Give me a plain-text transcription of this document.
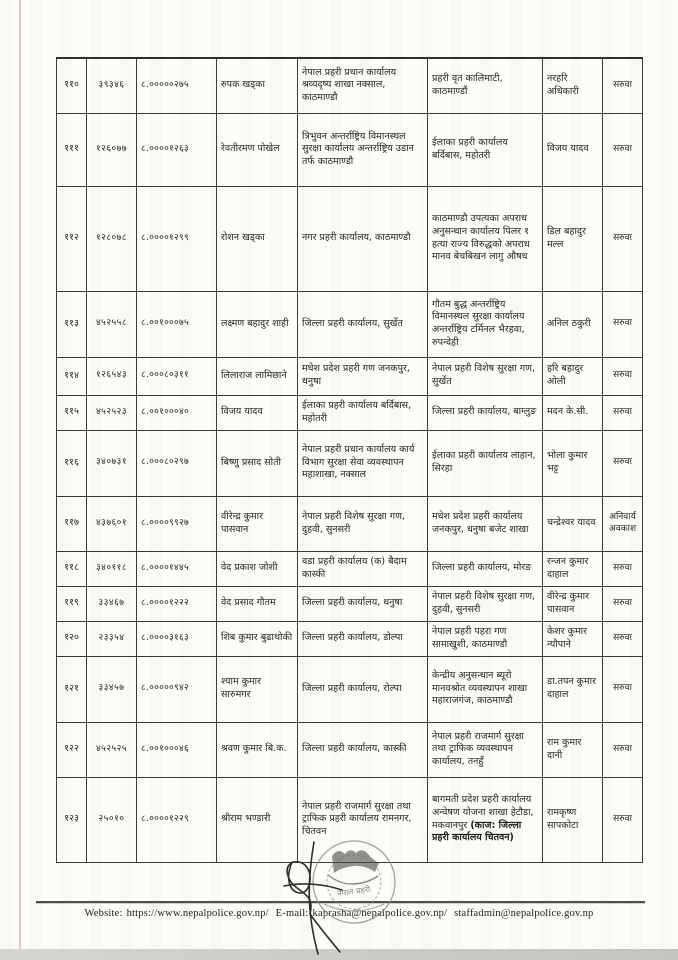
११०	३९३४६	८.०००००२७५	रुपक खड्का	नेपाल प्रहरी प्रधान कार्यालय श्रव्यदृष्य शाखा नक्साल, काठमाण्डौ	प्रहरी वृत कालिमाटी, काठमाण्डौं	नरहरि अधिकारी	सरुवा
१११	१२६०७७	८.००००१२६३	रेवतीरमण पोखेल	त्रिभुवन अन्तर्राष्ट्रिय विमानस्थल सुरक्षा कार्यालय अन्तर्राष्ट्रिय उडान तर्फ काठमाण्डौ	ईलाका प्रहरी कार्यालय बर्दिबास, महोतरी	विजय यादव	सरुवा
११२	१२८०७८	८.००००१२९९	रोशन खड्का	नगर प्रहरी कार्यालय, काठमाण्डौ	काठमाण्डौ उपत्यका अपराध अनुसन्धान कार्यालय पिलर १ हत्या राज्य विरुद्धको अपराध मानव बेचबिखन लागु औषध	डिल बहादुर मल्ल	सरुवा
११३	४५२५५८	८.००१०००७५	लक्ष्मण बहादुर शाही	जिल्ला प्रहरी कार्यालय, सुर्खेत	गौतम बुद्ध अन्तर्राष्ट्रिय विमानस्थल सुरक्षा कार्यालय अन्तर्राष्ट्रिय टर्मिनल भैरहवा, रुपन्देही	अनिल ठकुरी	सरुवा
११४	१२६५४३	८.०००८०३११	लिलाराज लामिछाने	मधेश प्रदेश प्रहरी गण जनकपुर, धनुषा	नेपाल प्रहरी विशेष सुरक्षा गण, सुर्खेत	हरि बहादुर ओली	सरुवा
११५	४५२५२३	८.००१०००४०	विजय यादव	ईलाका प्रहरी कार्यालय बर्दिबास, महोतरी	जिल्ला प्रहरी कार्यालय, बाग्लुङ	मदन के.सी.	सरुवा
११६	३४०७३१	८.०००८०२९७	बिष्णु प्रसाद सोती	नेपाल प्रहरी प्रधान कार्यालय कार्य विभाग सुरक्षा सेवा व्यवस्थापन महाशाखा, नक्साल	ईलाका प्रहरी कार्यालय लाहान, सिरहा	भोला कुमार भट्ट	सरुवा
११७	४३७६०१	८.००००९९२७	वीरेन्द्र कुमार पासवान	नेपाल प्रहरी विशेष सुरक्षा गण, दुहवी, सुनसरी	मधेश प्रदेश प्रहरी कार्यालय जनकपुर, धनुषा बजेट शाखा	चन्द्रेश्वर यादव	अनिवार्य अवकाश
११८	३४०११८	८.००००१४४५	वेद प्रकाश जोशी	वडा प्रहरी कार्यालय (क) बैदाम कास्की	जिल्ला प्रहरी कार्यालय, मोरङ	रन्जन कुमार दाहाल	सरुवा
११९	३३४६७	८.००००१२२२	वेद प्रसाद गौतम	जिल्ला प्रहरी कार्यालय, धनुषा	नेपाल प्रहरी विशेष सुरक्षा गण, दुहवी, सुनसरी	वीरेन्द्र कुमार पासवान	सरुवा
१२०	२३३५४	८.००००३१६३	शिब कुमार बुढाथोकी	जिल्ला प्रहरी कार्यालय, डोल्पा	नेपाल प्रहरी पहरा गण सामाखुशी, काठमाण्डौ	केशर कुमार न्यौपाने	सरुवा
१२१	३३४५७	८.०००००९४२	श्याम कुमार सारुमगर	जिल्ला प्रहरी कार्यालय, रोल्पा	केन्द्रीय अनुसन्धान ब्यूरो मानवश्रोत व्यवस्थापन शाखा महाराजगंज, काठमाण्डौ	डा.तपन कुमार दाहाल	सरुवा
१२२	४५२५२५	८.००१०००४६	श्रवण कुमार बि.क.	जिल्ला प्रहरी कार्यालय, कास्की	नेपाल प्रहरी राजमार्ग सुरक्षा तथा ट्राफिक व्यवस्थापन कार्यालय, तनहुँ	राम कुमार दानी	सरुवा
१२३	२५०१०	८.००००१२२९	श्रीराम भण्डारी	नेपाल प्रहरी राजमार्ग सुरक्षा तथा ट्राफिक प्रहरी कार्यालय रामनगर, चितवन	बागमती प्रदेश प्रहरी कार्यालय अन्वेषण योजना शाखा हेटौडा, मकवानपुर (काज: जिल्ला प्रहरी कार्यालय चितवन)	रामकृष्ण सापकोटा	सरुवा
नेपाल प्रहरी
Website: https://www.nepalpolice.gov.np/ E-mail: kaprasha@nepalpolice.gov.np/ staffadmin@nepalpolice.gov.np
